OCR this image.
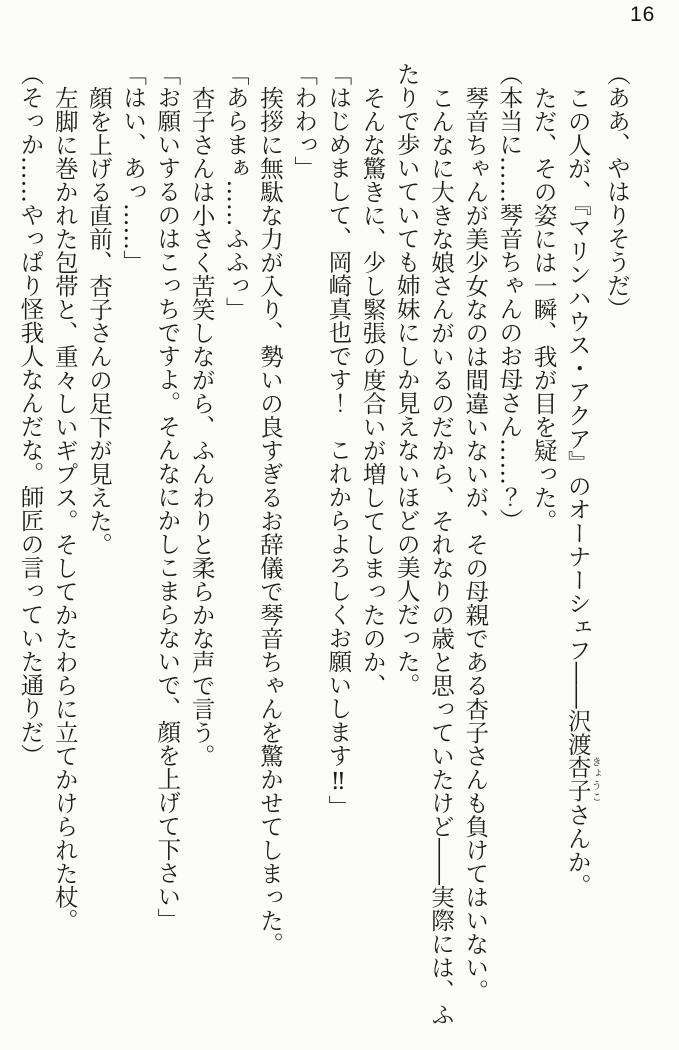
16

（ああ、やはりそうだ）

この人が、『マリンハウス・アクア』のオーナーシェフ――沢渡杏子きょうこさんか。

ただ、その姿には一瞬、我が目を疑った。

（本当に……琴音ちゃんのお母さん……？）

琴音ちゃんが美少女なのは間違いないが、その母親である杏子さんも負けてはいない。

こんなに大きな娘さんがいるのだから、それなりの歳と思っていたけど――実際には、ふたりで歩いていても姉妹にしか見えないほどの美人だった。

そんな驚きに、少し緊張の度合いが増してしまったのか、

「はじめまして、岡崎真也です！　これからよろしくお願いします‼」

「わわっ」

挨拶に無駄な力が入り、勢いの良すぎるお辞儀で琴音ちゃんを驚かせてしまった。

「あらまぁ……ふふっ」

杏子さんは小さく苦笑しながら、ふんわりと柔らかな声で言う。

「お願いするのはこっちですよ。そんなにかしこまらないで、顔を上げて下さい」

「はい、あっ……」

顔を上げる直前、杏子さんの足下が見えた。

左脚に巻かれた包帯と、重々しいギプス。そしてかたわらに立てかけられた杖。

（そっか……やっぱり怪我人なんだな。師匠の言っていた通りだ）
